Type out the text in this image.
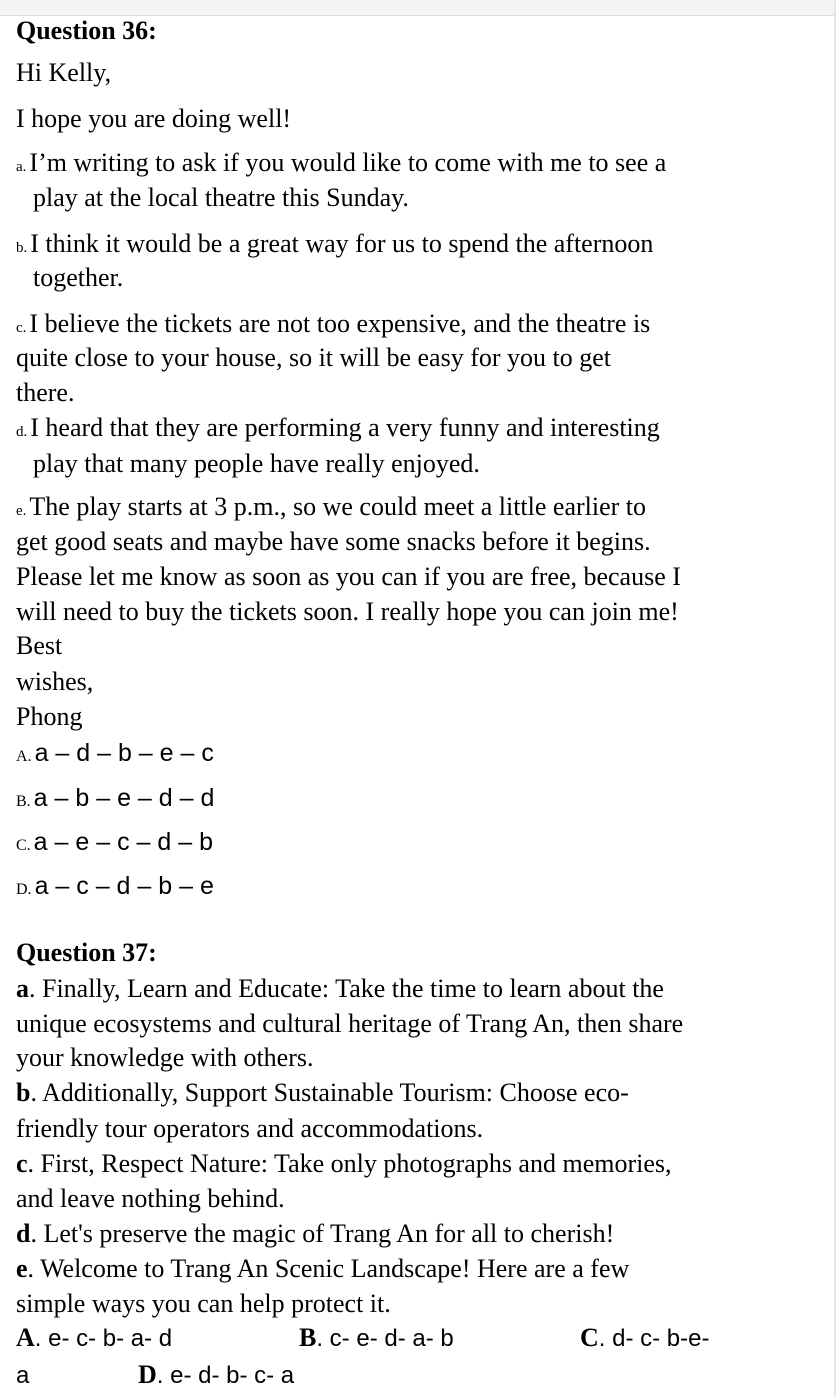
Question 36:
Hi Kelly,
I hope you are doing well!
a. I’m writing to ask if you would like to come with me to see a
play at the local theatre this Sunday.
b. I think it would be a great way for us to spend the afternoon
together.
c. I believe the tickets are not too expensive, and the theatre is
quite close to your house, so it will be easy for you to get
there.
d. I heard that they are performing a very funny and interesting
play that many people have really enjoyed.
e. The play starts at 3 p.m., so we could meet a little earlier to
get good seats and maybe have some snacks before it begins.
Please let me know as soon as you can if you are free, because I
will need to buy the tickets soon. I really hope you can join me!
Best
wishes,
Phong
A. a – d – b – e – c
B. a – b – e – d – d
C. a – e – c – d – b
D. a – c – d – b – e
Question 37:
a. Finally, Learn and Educate: Take the time to learn about the
unique ecosystems and cultural heritage of Trang An, then share
your knowledge with others.
b. Additionally, Support Sustainable Tourism: Choose eco-
friendly tour operators and accommodations.
c. First, Respect Nature: Take only photographs and memories,
and leave nothing behind.
d. Let's preserve the magic of Trang An for all to cherish!
e. Welcome to Trang An Scenic Landscape! Here are a few
simple ways you can help protect it.
A. e- c- b- a- d	B. c- e- d- a- b	C. d- c- b-e-
a	D. e- d- b- c- a
